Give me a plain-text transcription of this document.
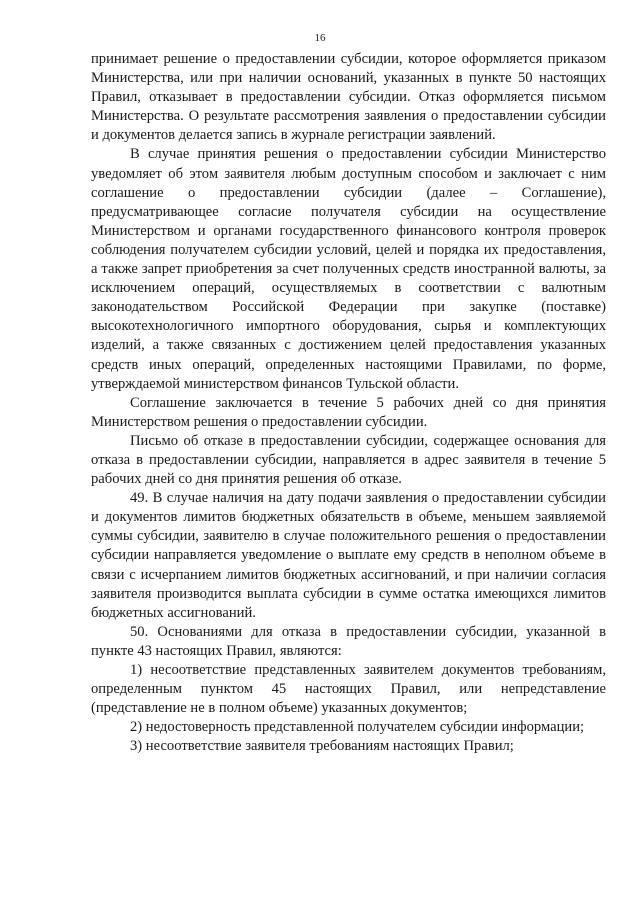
16

принимает решение о предоставлении субсидии, которое оформляется приказом Министерства, или при наличии оснований, указанных в пункте 50 настоящих Правил, отказывает в предоставлении субсидии. Отказ оформляется письмом Министерства. О результате рассмотрения заявления о предоставлении субсидии и документов делается запись в журнале регистрации заявлений.

В случае принятия решения о предоставлении субсидии Министерство уведомляет об этом заявителя любым доступным способом и заключает с ним соглашение о предоставлении субсидии (далее – Соглашение), предусматривающее согласие получателя субсидии на осуществление Министерством и органами государственного финансового контроля проверок соблюдения получателем субсидии условий, целей и порядка их предоставления, а также запрет приобретения за счет полученных средств иностранной валюты, за исключением операций, осуществляемых в соответствии с валютным законодательством Российской Федерации при закупке (поставке) высокотехнологичного импортного оборудования, сырья и комплектующих изделий, а также связанных с достижением целей предоставления указанных средств иных операций, определенных настоящими Правилами, по форме, утверждаемой министерством финансов Тульской области.

Соглашение заключается в течение 5 рабочих дней со дня принятия Министерством решения о предоставлении субсидии.

Письмо об отказе в предоставлении субсидии, содержащее основания для отказа в предоставлении субсидии, направляется в адрес заявителя в течение 5 рабочих дней со дня принятия решения об отказе.

49. В случае наличия на дату подачи заявления о предоставлении субсидии и документов лимитов бюджетных обязательств в объеме, меньшем заявляемой суммы субсидии, заявителю в случае положительного решения о предоставлении субсидии направляется уведомление о выплате ему средств в неполном объеме в связи с исчерпанием лимитов бюджетных ассигнований, и при наличии согласия заявителя производится выплата субсидии в сумме остатка имеющихся лимитов бюджетных ассигнований.

50. Основаниями для отказа в предоставлении субсидии, указанной в пункте 43 настоящих Правил, являются:

1) несоответствие представленных заявителем документов требованиям, определенным пунктом 45 настоящих Правил, или непредставление (представление не в полном объеме) указанных документов;

2) недостоверность представленной получателем субсидии информации;

3) несоответствие заявителя требованиям настоящих Правил;
